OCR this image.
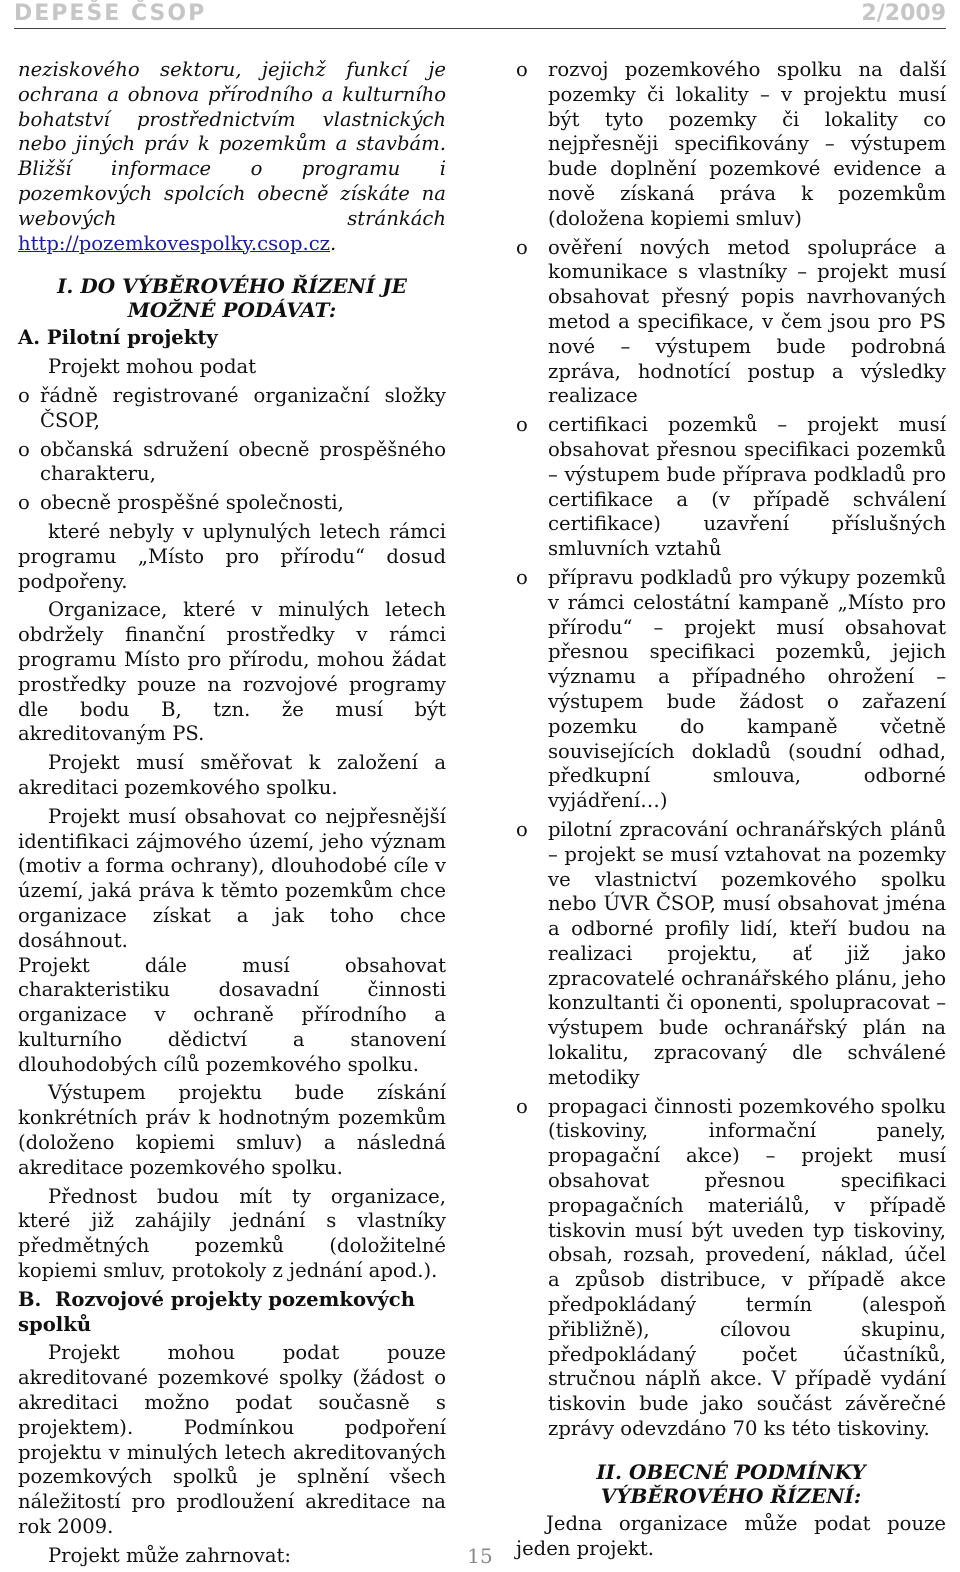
DEPEŠE ČSOP	2/2009

neziskového sektoru, jejichž funkcí je ochrana a obnova přírodního a kulturního bohatství prostřednictvím vlastnických nebo jiných práv k pozemkům a stavbám. Bližší informace o programu i pozemkových spolcích obecně získáte na webových stránkách http://pozemkovespolky.csop.cz.

I. DO VÝBĚROVÉHO ŘÍZENÍ JE MOŽNÉ PODÁVAT:

A. Pilotní projekty

Projekt mohou podat

o řádně registrované organizační složky ČSOP,
o občanská sdružení obecně prospěšného charakteru,
o obecně prospěšné společnosti,

které nebyly v uplynulých letech rámci programu „Místo pro přírodu“ dosud podpořeny.

Organizace, které v minulých letech obdržely finanční prostředky v rámci programu Místo pro přírodu, mohou žádat prostředky pouze na rozvojové programy dle bodu B, tzn. že musí být akreditovaným PS.

Projekt musí směřovat k založení a akreditaci pozemkového spolku.

Projekt musí obsahovat co nejpřesnější identifikaci zájmového území, jeho význam (motiv a forma ochrany), dlouhodobé cíle v území, jaká práva k těmto pozemkům chce organizace získat a jak toho chce dosáhnout.

Projekt dále musí obsahovat charakteristiku dosavadní činnosti organizace v ochraně přírodního a kulturního dědictví a stanovení dlouhodobých cílů pozemkového spolku.

Výstupem projektu bude získání konkrétních práv k hodnotným pozemkům (doloženo kopiemi smluv) a následná akreditace pozemkového spolku.

Přednost budou mít ty organizace, které již zahájily jednání s vlastníky předmětných pozemků (doložitelné kopiemi smluv, protokoly z jednání apod.).

B. Rozvojové projekty pozemkových spolků

Projekt mohou podat pouze akreditované pozemkové spolky (žádost o akreditaci možno podat současně s projektem). Podmínkou podpoření projektu v minulých letech akreditovaných pozemkových spolků je splnění všech náležitostí pro prodloužení akreditace na rok 2009.

Projekt může zahrnovat:

o rozvoj pozemkového spolku na další pozemky či lokality – v projektu musí být tyto pozemky či lokality co nejpřesněji specifikovány – výstupem bude doplnění pozemkové evidence a nově získaná práva k pozemkům (doložena kopiemi smluv)
o ověření nových metod spolupráce a komunikace s vlastníky – projekt musí obsahovat přesný popis navrhovaných metod a specifikace, v čem jsou pro PS nové – výstupem bude podrobná zpráva, hodnotící postup a výsledky realizace
o certifikaci pozemků – projekt musí obsahovat přesnou specifikaci pozemků – výstupem bude příprava podkladů pro certifikace a (v případě schválení certifikace) uzavření příslušných smluvních vztahů
o přípravu podkladů pro výkupy pozemků v rámci celostátní kampaně „Místo pro přírodu“ – projekt musí obsahovat přesnou specifikaci pozemků, jejich významu a případného ohrožení – výstupem bude žádost o zařazení pozemku do kampaně včetně souvisejících dokladů (soudní odhad, předkupní smlouva, odborné vyjádření…)
o pilotní zpracování ochranářských plánů – projekt se musí vztahovat na pozemky ve vlastnictví pozemkového spolku nebo ÚVR ČSOP, musí obsahovat jména a odborné profily lidí, kteří budou na realizaci projektu, ať již jako zpracovatelé ochranářského plánu, jeho konzultanti či oponenti, spolupracovat – výstupem bude ochranářský plán na lokalitu, zpracovaný dle schválené metodiky
o propagaci činnosti pozemkového spolku (tiskoviny, informační panely, propagační akce) – projekt musí obsahovat přesnou specifikaci propagačních materiálů, v případě tiskovin musí být uveden typ tiskoviny, obsah, rozsah, provedení, náklad, účel a způsob distribuce, v případě akce předpokládaný termín (alespoň přibližně), cílovou skupinu, předpokládaný počet účastníků, stručnou náplň akce. V případě vydání tiskovin bude jako součást závěrečné zprávy odevzdáno 70 ks této tiskoviny.
II. OBECNÉ PODMÍNKY VÝBĚROVÉHO ŘÍZENÍ:

Jedna organizace může podat pouze jeden projekt.

15
